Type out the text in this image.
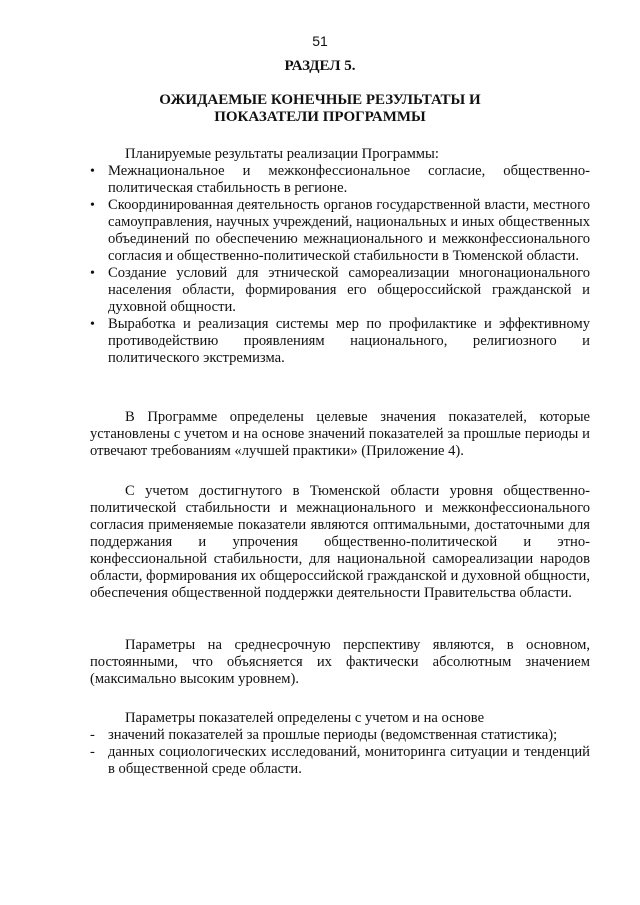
51
РАЗДЕЛ 5.
ОЖИДАЕМЫЕ КОНЕЧНЫЕ РЕЗУЛЬТАТЫ И
ПОКАЗАТЕЛИ ПРОГРАММЫ
Планируемые результаты реализации Программы:
• Межнациональное и межконфессиональное согласие, общественно-политическая стабильность в регионе.
• Скоординированная деятельность органов государственной власти, местного самоуправления, научных учреждений, национальных и иных общественных объединений по обеспечению межнационального и межконфессионального согласия и общественно-политической стабильности в Тюменской области.
• Создание условий для этнической самореализации многонационального населения области, формирования его общероссийской гражданской и духовной общности.
• Выработка и реализация системы мер по профилактике и эффективному противодействию проявлениям национального, религиозного и политического экстремизма.

В Программе определены целевые значения показателей, которые установлены с учетом и на основе значений показателей за прошлые периоды и отвечают требованиям «лучшей практики» (Приложение 4).

С учетом достигнутого в Тюменской области уровня общественно-политической стабильности и межнационального и межконфессионального согласия применяемые показатели являются оптимальными, достаточными для поддержания и упрочения общественно-политической и этно-конфессиональной стабильности, для национальной самореализации народов области, формирования их общероссийской гражданской и духовной общности, обеспечения общественной поддержки деятельности Правительства области.

Параметры на среднесрочную перспективу являются, в основном, постоянными, что объясняется их фактически абсолютным значением (максимально высоким уровнем).

Параметры показателей определены с учетом и на основе

- значений показателей за прошлые периоды (ведомственная статистика);
- данных социологических исследований, мониторинга ситуации и тенденций в общественной среде области.
